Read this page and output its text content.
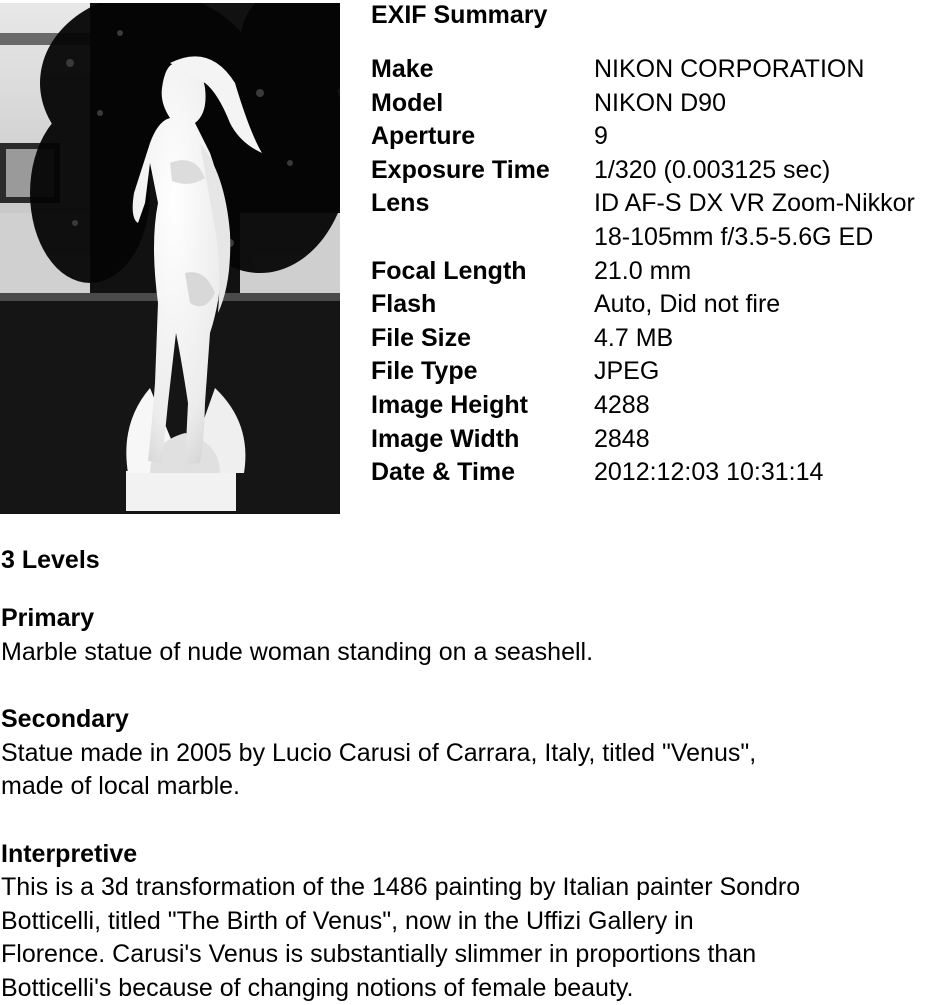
EXIF Summary
Make	NIKON CORPORATION
Model	NIKON D90
Aperture	9
Exposure Time	1/320 (0.003125 sec)
Lens	ID AF-S DX VR Zoom-Nikkor
18-105mm f/3.5-5.6G ED
Focal Length	21.0 mm
Flash	Auto, Did not fire
File Size	4.7 MB
File Type	JPEG
Image Height	4288
Image Width	2848
Date & Time	2012:12:03 10:31:14
3 Levels
Primary

Marble statue of nude woman standing on a seashell.

Secondary

Statue made in 2005 by Lucio Carusi of Carrara, Italy, titled "Venus",
made of local marble.

Interpretive

This is a 3d transformation of the 1486 painting by Italian painter Sondro
Botticelli, titled "The Birth of Venus", now in the Uffizi Gallery in
Florence. Carusi's Venus is substantially slimmer in proportions than
Botticelli's because of changing notions of female beauty.
